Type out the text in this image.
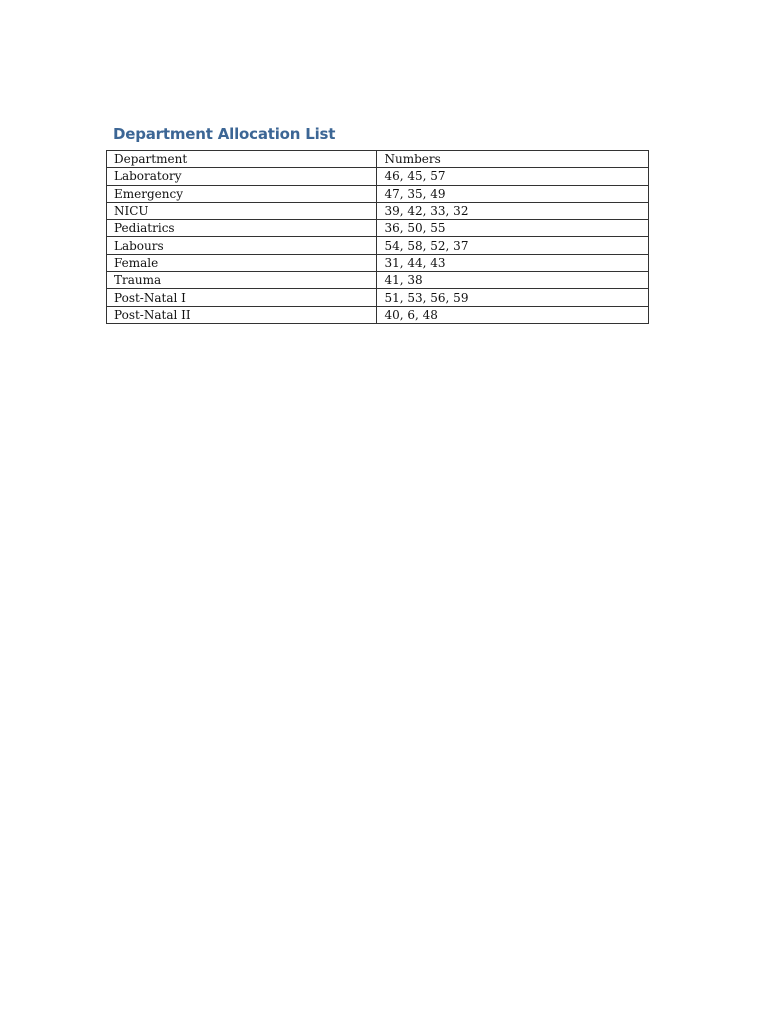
Department Allocation List
Department	Numbers
Laboratory	46, 45, 57
Emergency	47, 35, 49
NICU	39, 42, 33, 32
Pediatrics	36, 50, 55
Labours	54, 58, 52, 37
Female	31, 44, 43
Trauma	41, 38
Post-Natal I	51, 53, 56, 59
Post-Natal II	40, 6, 48
